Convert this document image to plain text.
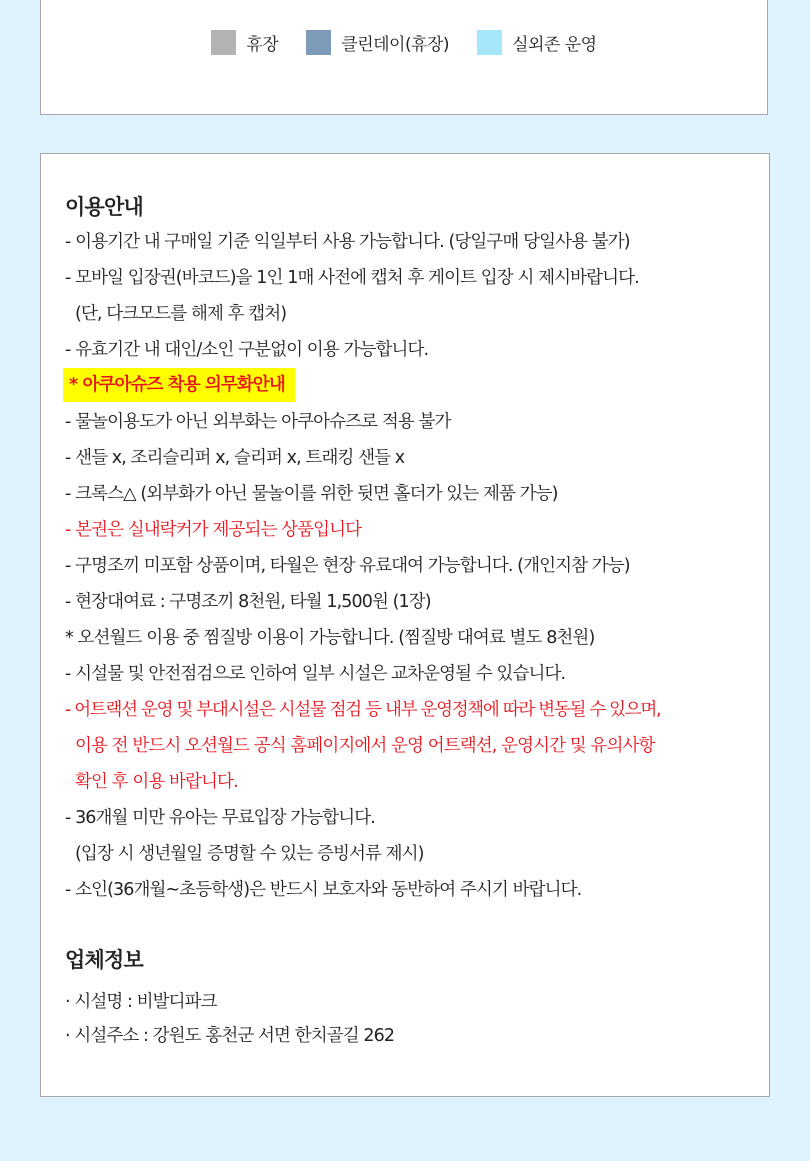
휴장	클린데이(휴장)	실외존 운영
이용안내
- 이용기간 내 구매일 기준 익일부터 사용 가능합니다. (당일구매 당일사용 불가)
- 모바일 입장권(바코드)을 1인 1매 사전에 캡처 후 게이트 입장 시 제시바랍니다.
(단, 다크모드를 해제 후 캡처)
- 유효기간 내 대인/소인 구분없이 이용 가능합니다.
* 아쿠아슈즈 착용 의무화안내
- 물놀이용도가 아닌 외부화는 아쿠아슈즈로 적용 불가
- 샌들 x, 조리슬리퍼 x, 슬리퍼 x, 트래킹 샌들 x
- 크록스△ (외부화가 아닌 물놀이를 위한 뒷면 홀더가 있는 제품 가능)
- 본권은 실내락커가 제공되는 상품입니다
- 구명조끼 미포함 상품이며, 타월은 현장 유료대여 가능합니다. (개인지참 가능)
- 현장대여료 : 구명조끼 8천원, 타월 1,500원 (1장)
* 오션월드 이용 중 찜질방 이용이 가능합니다. (찜질방 대여료 별도 8천원)
- 시설물 및 안전점검으로 인하여 일부 시설은 교차운영될 수 있습니다.
- 어트랙션 운영 및 부대시설은 시설물 점검 등 내부 운영정책에 따라 변동될 수 있으며,
이용 전 반드시 오션월드 공식 홈페이지에서 운영 어트랙션, 운영시간 및 유의사항
확인 후 이용 바랍니다.
- 36개월 미만 유아는 무료입장 가능합니다.
(입장 시 생년월일 증명할 수 있는 증빙서류 제시)
- 소인(36개월~초등학생)은 반드시 보호자와 동반하여 주시기 바랍니다.
업체정보
· 시설명 : 비발디파크
· 시설주소 : 강원도 홍천군 서면 한치골길 262
